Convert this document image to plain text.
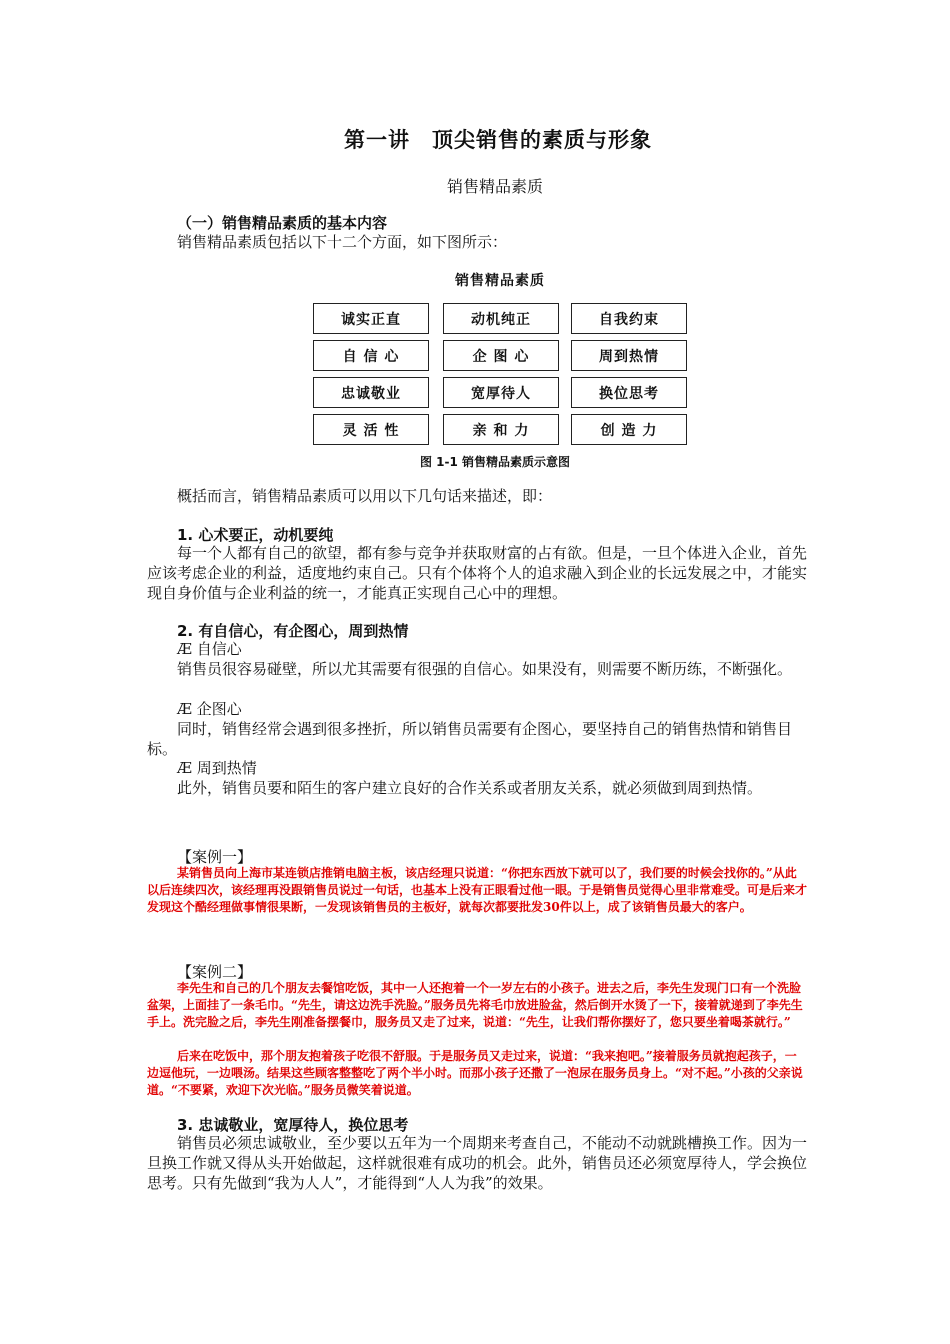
第一讲　顶尖销售的素质与形象
销售精品素质
（一）销售精品素质的基本内容
销售精品素质包括以下十二个方面，如下图所示：
销售精品素质
诚实正直	动机纯正	自我约束
自 信 心	企 图 心	周到热情
忠诚敬业	宽厚待人	换位思考
灵 活 性	亲 和 力	创 造 力
图 1-1 销售精品素质示意图
概括而言，销售精品素质可以用以下几句话来描述，即：
1. 心术要正，动机要纯
每一个人都有自己的欲望，都有参与竞争并获取财富的占有欲。但是，一旦个体进入企业，首先应该考虑企业的利益，适度地约束自己。只有个体将个人的追求融入到企业的长远发展之中，才能实现自身价值与企业利益的统一，才能真正实现自己心中的理想。
2. 有自信心，有企图心，周到热情
Æ 自信心
销售员很容易碰壁，所以尤其需要有很强的自信心。如果没有，则需要不断历练，不断强化。
Æ 企图心
同时，销售经常会遇到很多挫折，所以销售员需要有企图心，要坚持自己的销售热情和销售目标。
Æ 周到热情
此外，销售员要和陌生的客户建立良好的合作关系或者朋友关系，就必须做到周到热情。
【案例一】
某销售员向上海市某连锁店推销电脑主板，该店经理只说道：“你把东西放下就可以了，我们要的时候会找你的。”从此以后连续四次，该经理再没跟销售员说过一句话，也基本上没有正眼看过他一眼。于是销售员觉得心里非常难受。可是后来才发现这个酷经理做事情很果断，一发现该销售员的主板好，就每次都要批发30件以上，成了该销售员最大的客户。
【案例二】
李先生和自己的几个朋友去餐馆吃饭，其中一人还抱着一个一岁左右的小孩子。进去之后，李先生发现门口有一个洗脸盆架，上面挂了一条毛巾。“先生，请这边洗手洗脸。”服务员先将毛巾放进脸盆，然后倒开水烫了一下，接着就递到了李先生手上。洗完脸之后，李先生刚准备摆餐巾，服务员又走了过来，说道：“先生，让我们帮你摆好了，您只要坐着喝茶就行。”
后来在吃饭中，那个朋友抱着孩子吃很不舒服。于是服务员又走过来，说道：“我来抱吧。”接着服务员就抱起孩子，一边逗他玩，一边喂汤。结果这些顾客整整吃了两个半小时。而那小孩子还撒了一泡尿在服务员身上。“对不起。”小孩的父亲说道。“不要紧，欢迎下次光临。”服务员微笑着说道。
3. 忠诚敬业，宽厚待人，换位思考
销售员必须忠诚敬业，至少要以五年为一个周期来考查自己，不能动不动就跳槽换工作。因为一旦换工作就又得从头开始做起，这样就很难有成功的机会。此外，销售员还必须宽厚待人，学会换位思考。只有先做到“我为人人”，才能得到“人人为我”的效果。
